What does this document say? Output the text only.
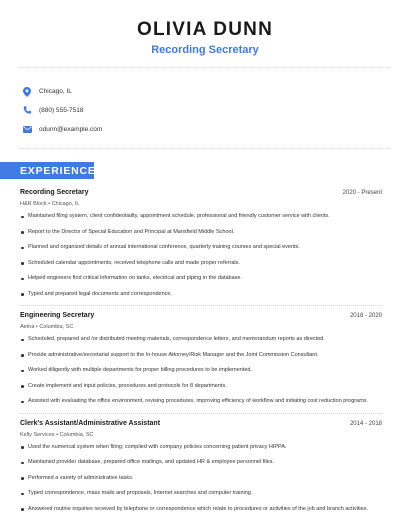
OLIVIA DUNN
Recording Secretary
Chicago, IL
(880) 555-7518
odunn@example.com
EXPERIENCE
Recording Secretary	2020 - Present
H&R Block • Chicago, IL
Maintained filing system, client confidentiality, appointment schedule, professional and friendly customer service with clients.
Report to the Director of Special Education and Principal at Mansfield Middle School.
Planned and organized details of annual international conference, quarterly training courses and special events.
Scheduled calendar appointments, received telephone calls and made proper referrals.
Helped engineers find critical information on tanks, electrical and piping in the database.
Typed and prepared legal documents and correspondence.
Engineering Secretary	2018 - 2020
Aetna • Columbia, SC
Scheduled, prepared and /or distributed meeting materials, correspondence letters, and memorandum reports as directed.
Provide administrative/secretarial support to the In-house Attorney/Risk Manager and the Joint Commission Consultant.
Worked diligently with multiple departments for proper billing procedures to be implemented.
Create implement and input policies, procedures and protocols for 8 departments.
Assisted with evaluating the office environment, revising procedures, improving efficiency of workflow and initiating cost reduction programs.
Clerk's Assistant/Administrative Assistant	2014 - 2018
Kelly Services • Columbia, SC
Used the numerical system when filing; complied with company policies concerning patient privacy HIPPA.
Maintained provider database, prepared office mailings, and updated HR & employee personnel files.
Performed a variety of administrative tasks.
Typed correspondence, mass mails and proposals, Internet searches and computer training.
Answered routine inquiries received by telephone or correspondence which relate to procedures or activities of the job and branch activities.
